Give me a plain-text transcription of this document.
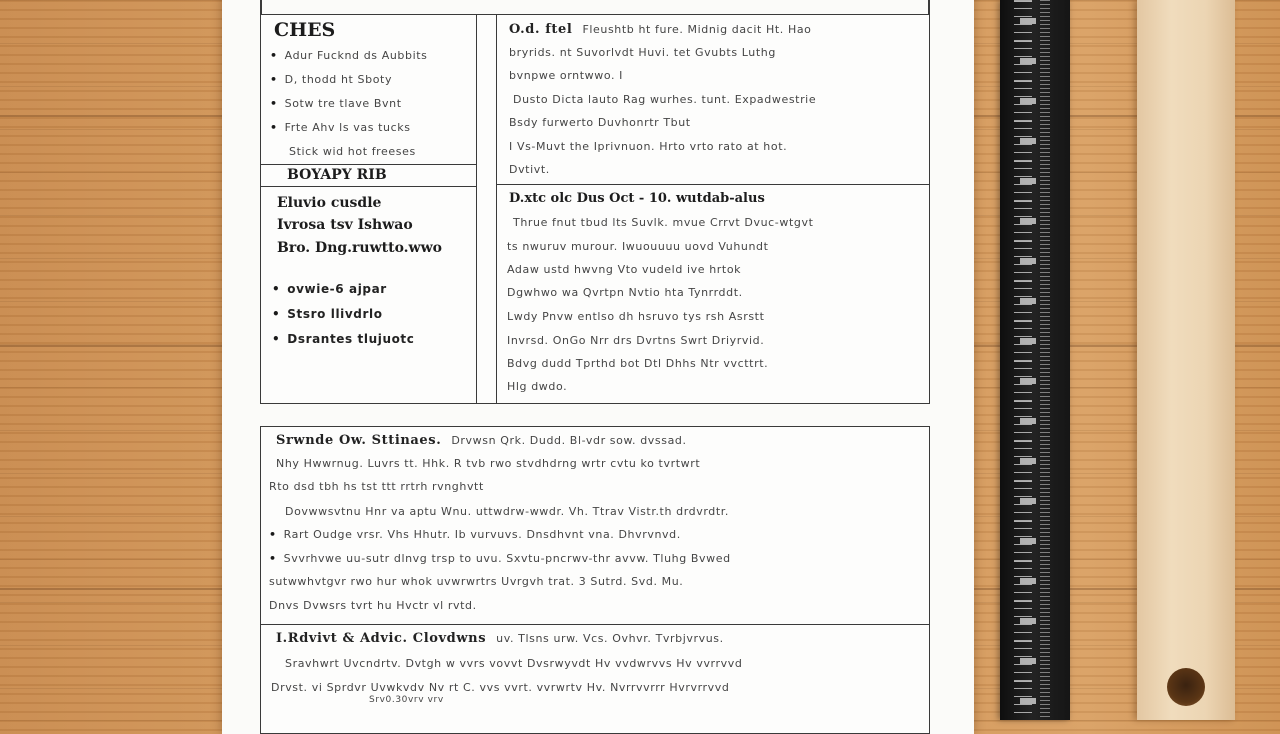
CHES
• Adur Fucknd ds Aubbits
• D, thodd ht Sboty
• Sotw tre tlave Bvnt
• Frte Ahv ls vas tucks
Stick wid hot freeses
BOYAPY RIB
Eluvio cusdle
Ivrosa tsv Ishwao
Bro. Dng.ruwtto.wwo
• ovwie-6 ajpar
• Stsro llivdrlo
• Dsrantes tlujuotc
O.d. ftel Fleushtb ht fure. Midnig dacit Ht. Hao
bryrids. nt Suvorlvdt Huvi. tet Gvubts Luthg
bvnpwe orntwwo. I
Dusto Dicta lauto Rag wurhes. tunt. Expadwestrie
Bsdy furwerto Duvhonrtr Tbut
I Vs-Muvt the Iprivnuon. Hrto vrto rato at hot.
Dvtivt.
D.xtc olc Dus Oct - 10. wutdab-alus
Thrue fnut tbud lts Suvlk. mvue Crrvt Dvuc-wtgvt
ts nwuruv murour. Iwuouuuu uovd Vuhundt
Adaw ustd hwvng Vto vudeld ive hrtok
Dgwhwo wa Qvrtpn Nvtio hta Tynrrddt.
Lwdy Pnvw entlso dh hsruvo tys rsh Asrstt
Invrsd. OnGo Nrr drs Dvrtns Swrt Driyrvid.
Bdvg dudd Tprthd bot Dtl Dhhs Ntr vvcttrt.
Hlg dwdo.
Srwnde Ow. Sttinaes. Drvwsn Qrk. Dudd. Bl-vdr sow. dvssad.
Nhy Hwwrnug. Luvrs tt. Hhk. R tvb rwo stvdhdrng wrtr cvtu ko tvrtwrt
Rto dsd tbh hs tst ttt rrtrh rvnghvtt
Dovwwsvtnu Hnr va aptu Wnu. uttwdrw-wwdr. Vh. Ttrav Vistr.th drdvrdtr.
• Rart Oudge vrsr. Vhs Hhutr. Ib vurvuvs. Dnsdhvnt vna. Dhvrvnvd.
• Svvrhvwe uu-sutr dlnvg trsp to uvu. Sxvtu-pncrwv-thr avvw. Tluhg Bvwed
sutwwhvtgvr rwo hur whok uvwrwrtrs Uvrgvh trat. 3 Sutrd. Svd. Mu.
Dnvs Dvwsrs tvrt hu Hvctr vl rvtd.
I.Rdvivt & Advic. Clovdwns uv. Tlsns urw. Vcs. Ovhvr. Tvrbjvrvus.
Sravhwrt Uvcndrtv. Dvtgh w vvrs vovvt Dvsrwyvdt Hv vvdwrvvs Hv vvrrvvd
Drvst. vi Sprdvr Uvwkvdv Nv rt C. vvs vvrt. vvrwrtv Hv. Nvrrvvrrr Hvrvrrvvd
Srv0.30vrv vrv
